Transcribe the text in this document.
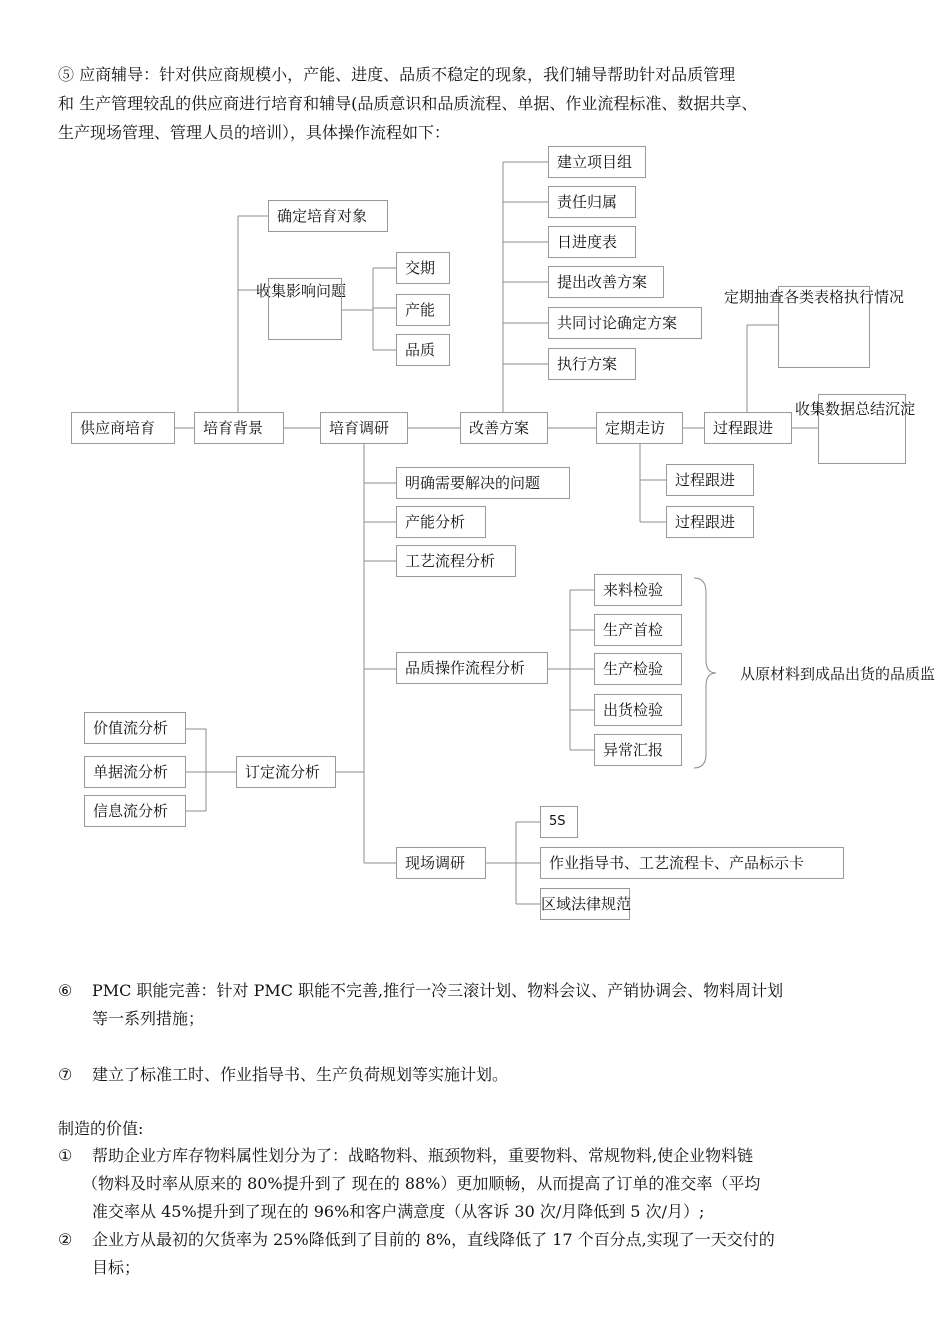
⑤ 应商辅导：针对供应商规模小，产能、进度、品质不稳定的现象，我们辅导帮助针对品质管理
和 生产管理较乱的供应商进行培育和辅导(品质意识和品质流程、单据、作业流程标准、数据共享、
生产现场管理、管理人员的培训），具体操作流程如下：
供应商培育	培育背景
确定培育对象
收集影响问题
交期
产能
品质
培育调研	改善方案
建立项目组
责任归属
日进度表
提出改善方案
共同讨论确定方案
执行方案
定期走访	过程跟进
定期抽查各类表格执行情况
收集数据总结沉淀
过程跟进
过程跟进
明确需要解决的问题
产能分析
工艺流程分析
品质操作流程分析
来料检验
生产首检
生产检验
出货检验
异常汇报
从原材料到成品出货的品质监
价值流分析
单据流分析
信息流分析
订定流分析
现场调研
5S
作业指导书、工艺流程卡、产品标示卡
区域法律规范
⑥ PMC 职能完善：针对 PMC 职能不完善,推行一冷三滚计划、物料会议、产销协调会、物料周计划
等一系列措施；
⑦ 建立了标准工时、作业指导书、生产负荷规划等实施计划。
制造的价值:
① 帮助企业方库存物料属性划分为了：战略物料、瓶颈物料，重要物料、常规物料,使企业物料链
（物料及时率从原来的 80%提升到了 现在的 88%）更加顺畅，从而提高了订单的准交率（平均
准交率从 45%提升到了现在的 96%和客户满意度（从客诉 30 次/月降低到 5 次/月）;
② 企业方从最初的欠货率为 25%降低到了目前的 8%，直线降低了 17 个百分点,实现了一天交付的
目标；
